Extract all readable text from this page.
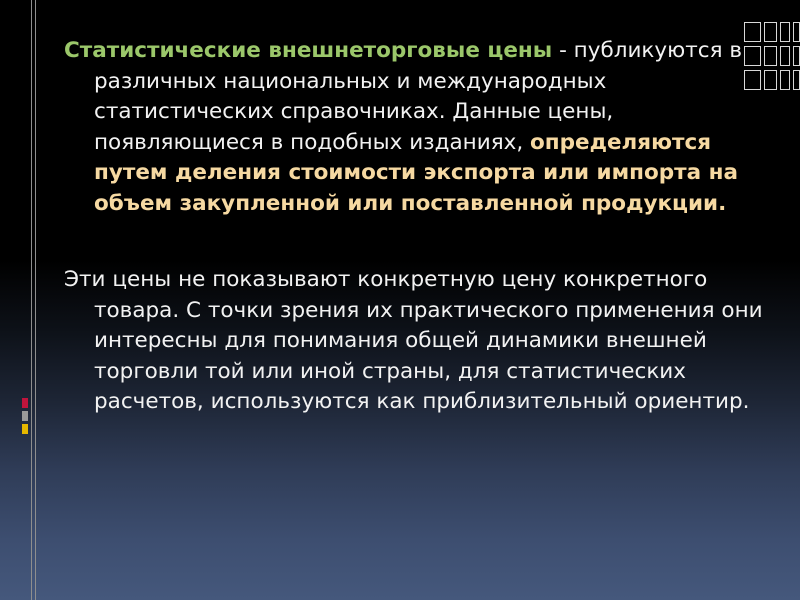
Статистические внешнеторговые цены - публикуются в различных национальных и международных статистических справочниках. Данные цены, появляющиеся в подобных изданиях, определяются путем деления стоимости экспорта или импорта на объем закупленной или поставленной продукции.

Эти цены не показывают конкретную цену конкретного товара. С точки зрения их практического применения они интересны для понимания общей динамики внешней торговли той или иной страны, для статистических расчетов, используются как приблизительный ориентир.
